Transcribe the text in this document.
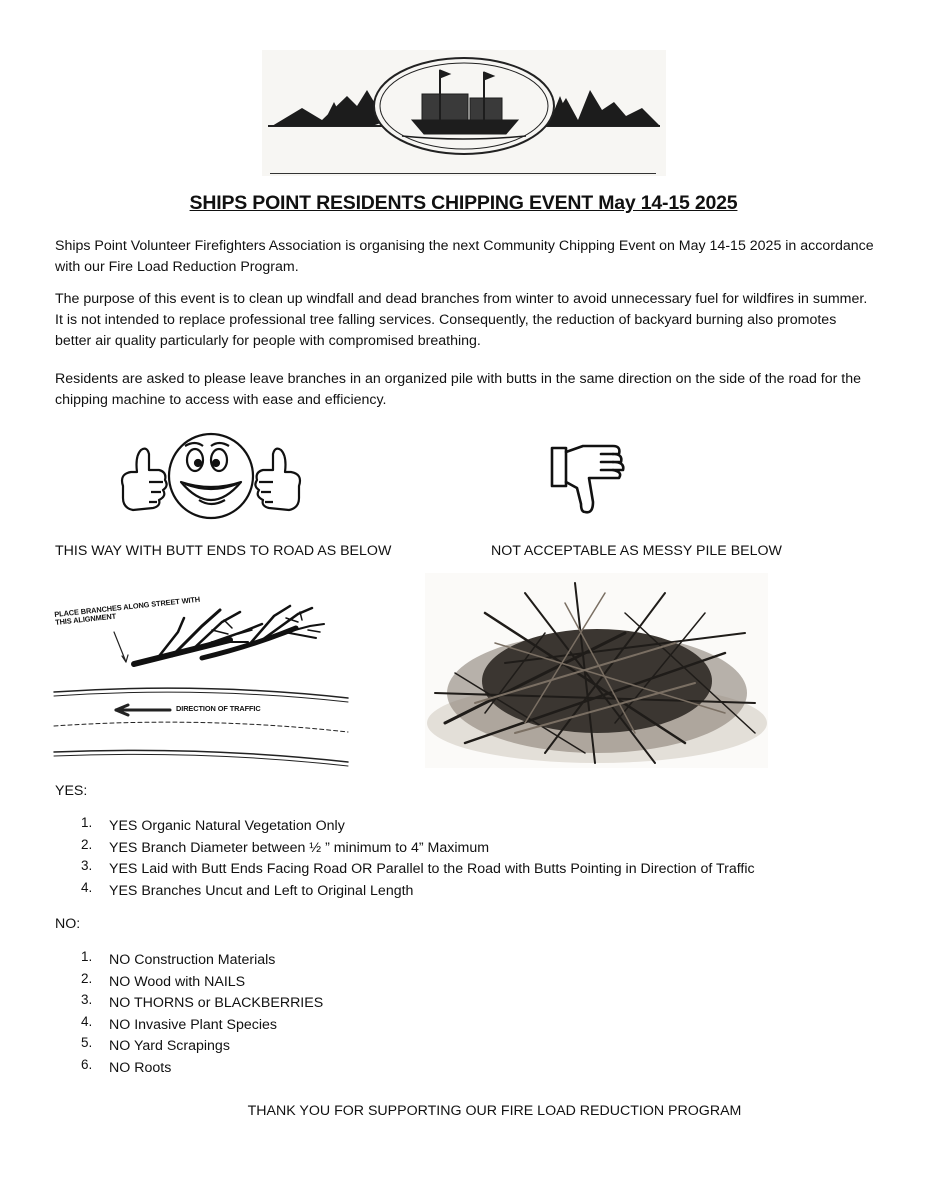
SHIPS POINT RESIDENTS CHIPPING EVENT May 14-15 2025

Ships Point Volunteer Firefighters Association is organising the next Community Chipping Event on May 14-15 2025 in accordance with our Fire Load Reduction Program.

The purpose of this event is to clean up windfall and dead branches from winter to avoid unnecessary fuel for wildfires in summer. It is not intended to replace professional tree falling services. Consequently, the reduction of backyard burning also promotes better air quality particularly for people with compromised breathing.

Residents are asked to please leave branches in an organized pile with butts in the same direction on the side of the road for the chipping machine to access with ease and efficiency.

THIS WAY WITH BUTT ENDS TO ROAD AS BELOW	NOT ACCEPTABLE AS MESSY PILE BELOW
PLACE BRANCHES ALONG STREET WITH THIS ALIGNMENT
DIRECTION OF TRAFFIC
YES:
1. YES Organic Natural Vegetation Only
2. YES Branch Diameter between ½ ” minimum to 4” Maximum
3. YES Laid with Butt Ends Facing Road OR Parallel to the Road with Butts Pointing in Direction of Traffic
4. YES Branches Uncut and Left to Original Length
NO:
1. NO Construction Materials
2. NO Wood with NAILS
3. NO THORNS or BLACKBERRIES
4. NO Invasive Plant Species
5. NO Yard Scrapings
6. NO Roots
THANK YOU FOR SUPPORTING OUR FIRE LOAD REDUCTION PROGRAM
